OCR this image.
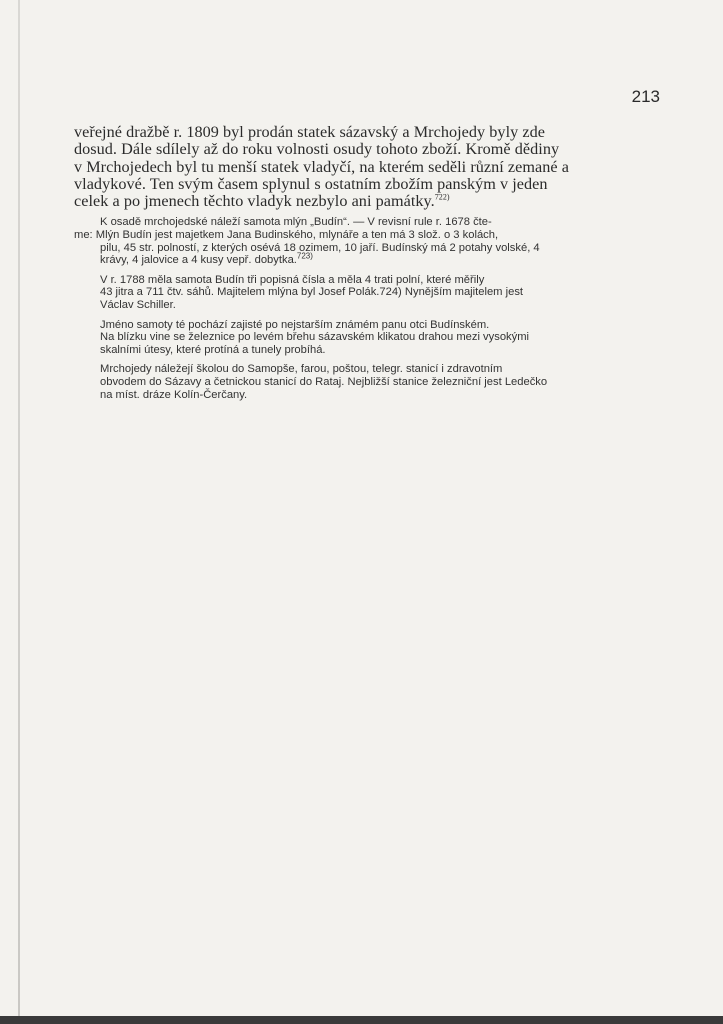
213

veřejné dražbě r. 1809 byl prodán statek sázavský a Mrchojedy byly zde
dosud. Dále sdílely až do roku volnosti osudy tohoto zboží. Kromě dědiny
v Mrchojedech byl tu menší statek vladyčí, na kterém seděli různí zemané a
vladykové. Ten svým časem splynul s ostatním zbožím panským v jeden
celek a po jmenech těchto vladyk nezbylo ani památky.$^{722)}$

K osadě mrchojedské náleží samota mlýn „Budín“. — V revisní rule r. 1678 čte-
me: Mlýn Budín jest majetkem Jana Budinského, mlynáře a ten má 3 slož. o 3 kolách,
pilu, 45 str. polností, z kterých osévá 18 ozimem, 10 jaří. Budínský má 2 potahy volské, 4
krávy, 4 jalovice a 4 kusy vepř. dobytka.$^{723)}$

V r. 1788 měla samota Budín tři popisná čísla a měla 4 trati polní, které měřily
43 jitra a 711 čtv. sáhů. Majitelem mlýna byl Josef Polák.724) Nynějším majitelem jest
Václav Schiller.

Jméno samoty té pochází zajisté po nejstarším známém panu otci Budínském.
Na blízku vine se železnice po levém břehu sázavském klikatou drahou mezi vysokými
skalními útesy, které protíná a tunely probíhá.

Mrchojedy náležejí školou do Samopše, farou, poštou, telegr. stanicí i zdravotním
obvodem do Sázavy a četnickou stanicí do Rataj. Nejbližší stanice železniční jest Ledečko
na míst. dráze Kolín-Čerčany.
